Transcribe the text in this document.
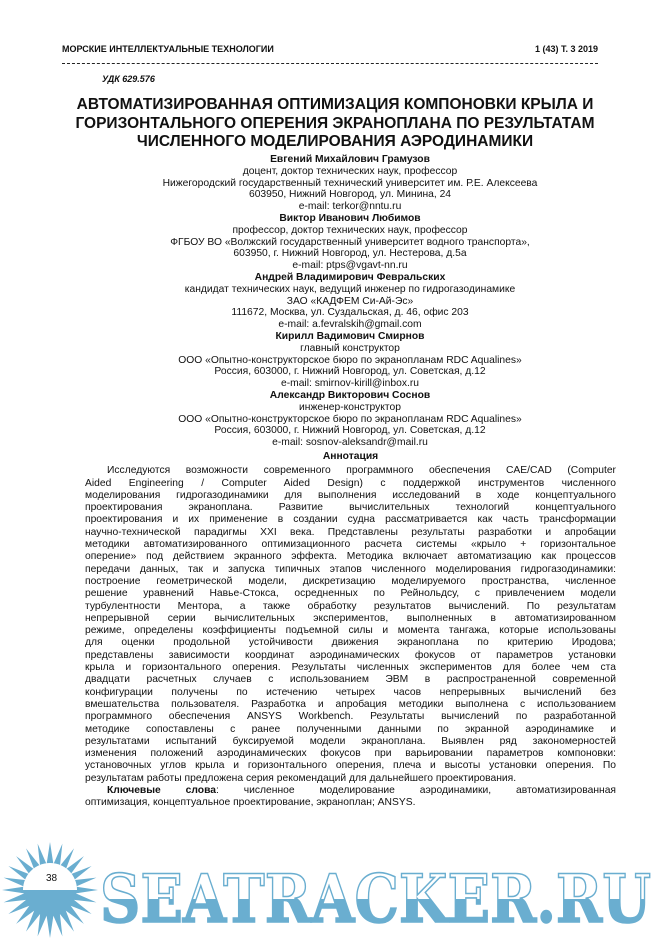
МОРСКИЕ ИНТЕЛЛЕКТУАЛЬНЫЕ ТЕХНОЛОГИИ	1 (43) Т. 3 2019
УДК 629.576
АВТОМАТИЗИРОВАННАЯ ОПТИМИЗАЦИЯ КОМПОНОВКИ КРЫЛА И
ГОРИЗОНТАЛЬНОГО ОПЕРЕНИЯ ЭКРАНОПЛАНА ПО РЕЗУЛЬТАТАМ
ЧИСЛЕННОГО МОДЕЛИРОВАНИЯ АЭРОДИНАМИКИ
Евгений Михайлович Грамузов
доцент, доктор технических наук, профессор
Нижегородский государственный технический университет им. Р.Е. Алексеева
603950, Нижний Новгород, ул. Минина, 24
e-mail: terkor@nntu.ru
Виктор Иванович Любимов
профессор, доктор технических наук, профессор
ФГБОУ ВО «Волжский государственный университет водного транспорта»,
603950, г. Нижний Новгород, ул. Нестерова, д.5а
e-mail: ptps@vgavt-nn.ru
Андрей Владимирович Февральских
кандидат технических наук, ведущий инженер по гидрогазодинамике
ЗАО «КАДФЕМ Си-Ай-Эс»
111672, Москва, ул. Суздальская, д. 46, офис 203
e-mail: a.fevralskih@gmail.com
Кирилл Вадимович Смирнов
главный конструктор
ООО «Опытно-конструкторское бюро по экранопланам RDC Aqualines»
Россия, 603000, г. Нижний Новгород, ул. Советская, д.12
e-mail: smirnov-kirill@inbox.ru
Александр Викторович Соснов
инженер-конструктор
ООО «Опытно-конструкторское бюро по экранопланам RDC Aqualines»
Россия, 603000, г. Нижний Новгород, ул. Советская, д.12
e-mail: sosnov-aleksandr@mail.ru
Аннотация
Исследуются возможности современного программного обеспечения CAE/CAD (Computer
Aided Engineering / Computer Aided Design) с поддержкой инструментов численного
моделирования гидрогазодинамики для выполнения исследований в ходе концептуального
проектирования экраноплана. Развитие вычислительных технологий концептуального
проектирования и их применение в создании судна рассматривается как часть трансформации
научно-технической парадигмы XXI века. Представлены результаты разработки и апробации
методики автоматизированного оптимизационного расчета системы «крыло + горизонтальное
оперение» под действием экранного эффекта. Методика включает автоматизацию как процессов
передачи данных, так и запуска типичных этапов численного моделирования гидрогазодинамики:
построение геометрической модели, дискретизацию моделируемого пространства, численное
решение уравнений Навье-Стокса, осредненных по Рейнольдсу, с привлечением модели
турбулентности Ментора, а также обработку результатов вычислений. По результатам
непрерывной серии вычислительных экспериментов, выполненных в автоматизированном
режиме, определены коэффициенты подъемной силы и момента тангажа, которые использованы
для оценки продольной устойчивости движения экраноплана по критерию Иродова;
представлены зависимости координат аэродинамических фокусов от параметров установки
крыла и горизонтального оперения. Результаты численных экспериментов для более чем ста
двадцати расчетных случаев с использованием ЭВМ в распространенной современной
конфигурации получены по истечению четырех часов непрерывных вычислений без
вмешательства пользователя. Разработка и апробация методики выполнена с использованием
программного обеспечения ANSYS Workbench. Результаты вычислений по разработанной
методике сопоставлены с ранее полученными данными по экранной аэродинамике и
результатами испытаний буксируемой модели экраноплана. Выявлен ряд закономерностей
изменения положений аэродинамических фокусов при варьировании параметров компоновки:
установочных углов крыла и горизонтального оперения, плеча и высоты установки оперения. По
результатам работы предложена серия рекомендаций для дальнейшего проектирования.
Ключевые слова: численное моделирование аэродинамики, автоматизированная
оптимизация, концептуальное проектирование, экраноплан; ANSYS.
SEATRACKER.RU
38
